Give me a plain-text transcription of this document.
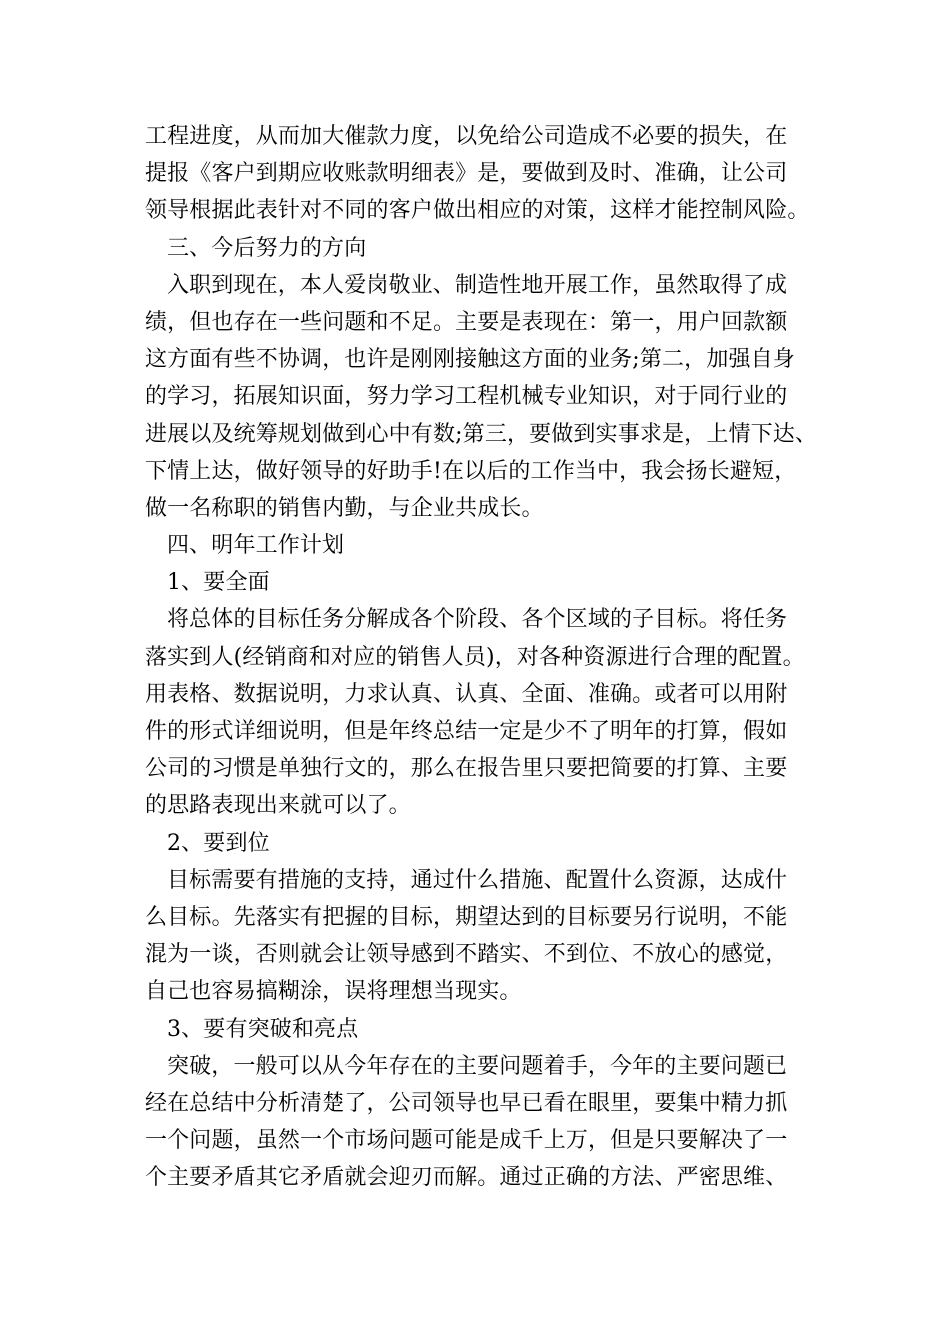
工程进度，从而加大催款力度，以免给公司造成不必要的损失，在
提报《客户到期应收账款明细表》是，要做到及时、准确，让公司
领导根据此表针对不同的客户做出相应的对策，这样才能控制风险。
三、今后努力的方向
入职到现在，本人爱岗敬业、制造性地开展工作，虽然取得了成
绩，但也存在一些问题和不足。主要是表现在：第一，用户回款额
这方面有些不协调，也许是刚刚接触这方面的业务;第二，加强自身
的学习，拓展知识面，努力学习工程机械专业知识，对于同行业的
进展以及统筹规划做到心中有数;第三，要做到实事求是，上情下达、
下情上达，做好领导的好助手!在以后的工作当中，我会扬长避短，
做一名称职的销售内勤，与企业共成长。
四、明年工作计划
1、要全面
将总体的目标任务分解成各个阶段、各个区域的子目标。将任务
落实到人(经销商和对应的销售人员)，对各种资源进行合理的配置。
用表格、数据说明，力求认真、认真、全面、准确。或者可以用附
件的形式详细说明，但是年终总结一定是少不了明年的打算，假如
公司的习惯是单独行文的，那么在报告里只要把简要的打算、主要
的思路表现出来就可以了。
2、要到位
目标需要有措施的支持，通过什么措施、配置什么资源，达成什
么目标。先落实有把握的目标，期望达到的目标要另行说明，不能
混为一谈，否则就会让领导感到不踏实、不到位、不放心的感觉，
自己也容易搞糊涂，误将理想当现实。
3、要有突破和亮点
突破，一般可以从今年存在的主要问题着手，今年的主要问题已
经在总结中分析清楚了，公司领导也早已看在眼里，要集中精力抓
一个问题，虽然一个市场问题可能是成千上万，但是只要解决了一
个主要矛盾其它矛盾就会迎刃而解。通过正确的方法、严密思维、
